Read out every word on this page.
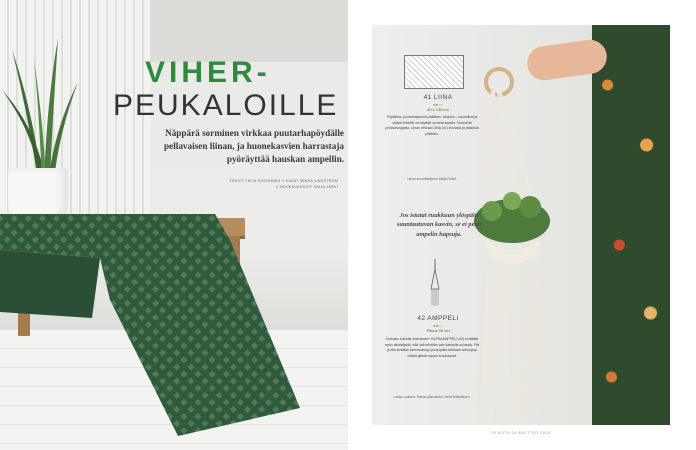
VIHER-
PEUKALOILLE
Näppärä sorminen virkkaa puutarhapöydälle pellavaisen liinan, ja huonekasvien harrastaja pyöräyttää hauskan ampellin.
TEKSTI TEIJA KOSONNEN // KUVAT MINNA LINDSTRÖM
// NOUKKUKUVIOT RAIJA JÄRVI
41 LIINA
●●○○
40 x 135 cm
Pöytäliina, puutarhapenkin päällinen, taulukin – kaunoliina ja ylitäkä tekstiilit voi käyttää monella tavalla. Vinoneliöt pellavalangasta. Liinan virkkaa LIINA (41) kuviosta ja raidoista pitkittäin.
Liinan suunnittelija on Maija Pulkki.
Jos istutat ruukkuun ylöspäin suuntautuvan kasvin, se ei peitä ampelin hapsuja.
42 AMPPELI
●●○○
Pituus 90 cm
Kutsutko kukoilla makramee? KAPSAAMPPELI (42) ennättää myös aloittelijaltä, sillä sitä tehdään vain kahdella solmulla. Yllä ja alla tehdään kiertosolmuja ja kaupalla sidotaan solmuja ja välistä jäävät hapsut kruunaavat.
Lanka Lankava Tilaimo-pikkulanka. Helmi Mäkeläinen.
79 KOTI JA KEITTIÖ 2021
